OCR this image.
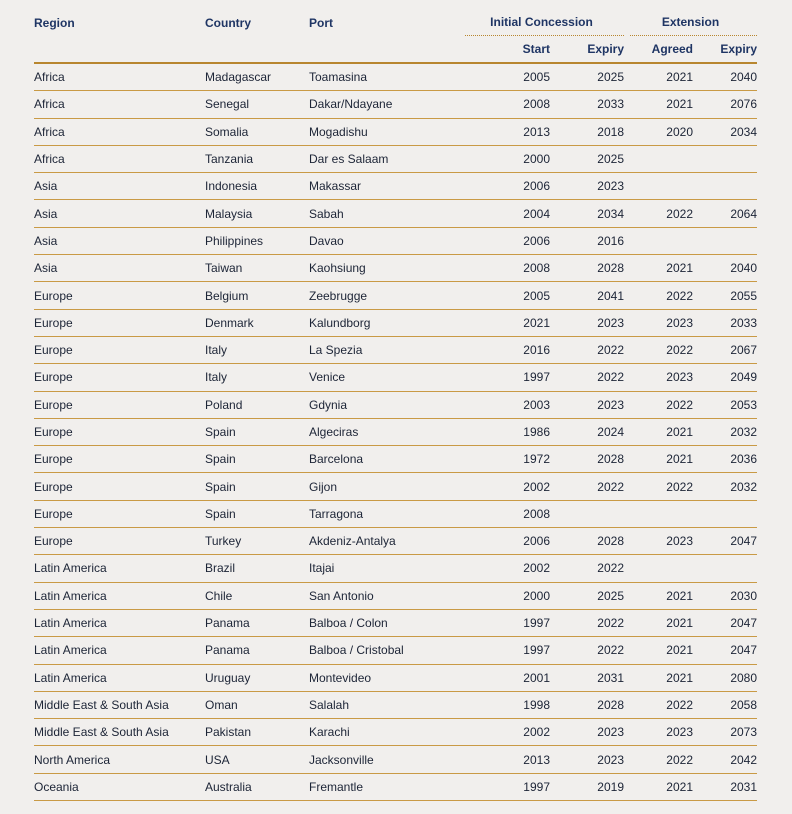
Region	Country	Port	Initial Concession		Extension	

			Start	Expiry	Agreed	Expiry
Africa	Madagascar	Toamasina	2005	2025	2021	2040
Africa	Senegal	Dakar/Ndayane	2008	2033	2021	2076
Africa	Somalia	Mogadishu	2013	2018	2020	2034
Africa	Tanzania	Dar es Salaam	2000	2025		
Asia	Indonesia	Makassar	2006	2023		
Asia	Malaysia	Sabah	2004	2034	2022	2064
Asia	Philippines	Davao	2006	2016		
Asia	Taiwan	Kaohsiung	2008	2028	2021	2040
Europe	Belgium	Zeebrugge	2005	2041	2022	2055
Europe	Denmark	Kalundborg	2021	2023	2023	2033
Europe	Italy	La Spezia	2016	2022	2022	2067
Europe	Italy	Venice	1997	2022	2023	2049
Europe	Poland	Gdynia	2003	2023	2022	2053
Europe	Spain	Algeciras	1986	2024	2021	2032
Europe	Spain	Barcelona	1972	2028	2021	2036
Europe	Spain	Gijon	2002	2022	2022	2032
Europe	Spain	Tarragona	2008			
Europe	Turkey	Akdeniz-Antalya	2006	2028	2023	2047
Latin America	Brazil	Itajai	2002	2022		
Latin America	Chile	San Antonio	2000	2025	2021	2030
Latin America	Panama	Balboa / Colon	1997	2022	2021	2047
Latin America	Panama	Balboa / Cristobal	1997	2022	2021	2047
Latin America	Uruguay	Montevideo	2001	2031	2021	2080
Middle East & South Asia	Oman	Salalah	1998	2028	2022	2058
Middle East & South Asia	Pakistan	Karachi	2002	2023	2023	2073
North America	USA	Jacksonville	2013	2023	2022	2042
Oceania	Australia	Fremantle	1997	2019	2021	2031
